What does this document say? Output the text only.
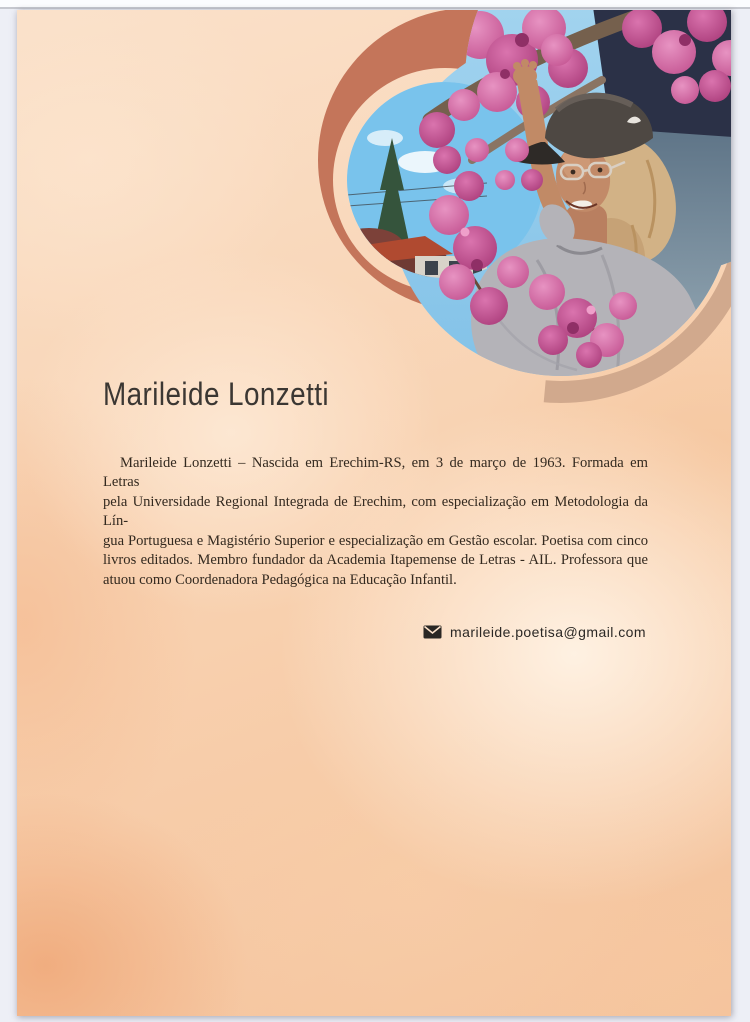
Marileide Lonzetti
Marileide Lonzetti – Nascida em Erechim-RS, em 3 de março de 1963. Formada em Letras
pela Universidade Regional Integrada de Erechim, com especialização em Metodologia da Lín-
gua Portuguesa e Magistério Superior e especialização em Gestão escolar. Poetisa com cinco
livros editados. Membro fundador da Academia Itapemense de Letras - AIL. Professora que
atuou como Coordenadora Pedagógica na Educação Infantil.
marileide.poetisa@gmail.com
